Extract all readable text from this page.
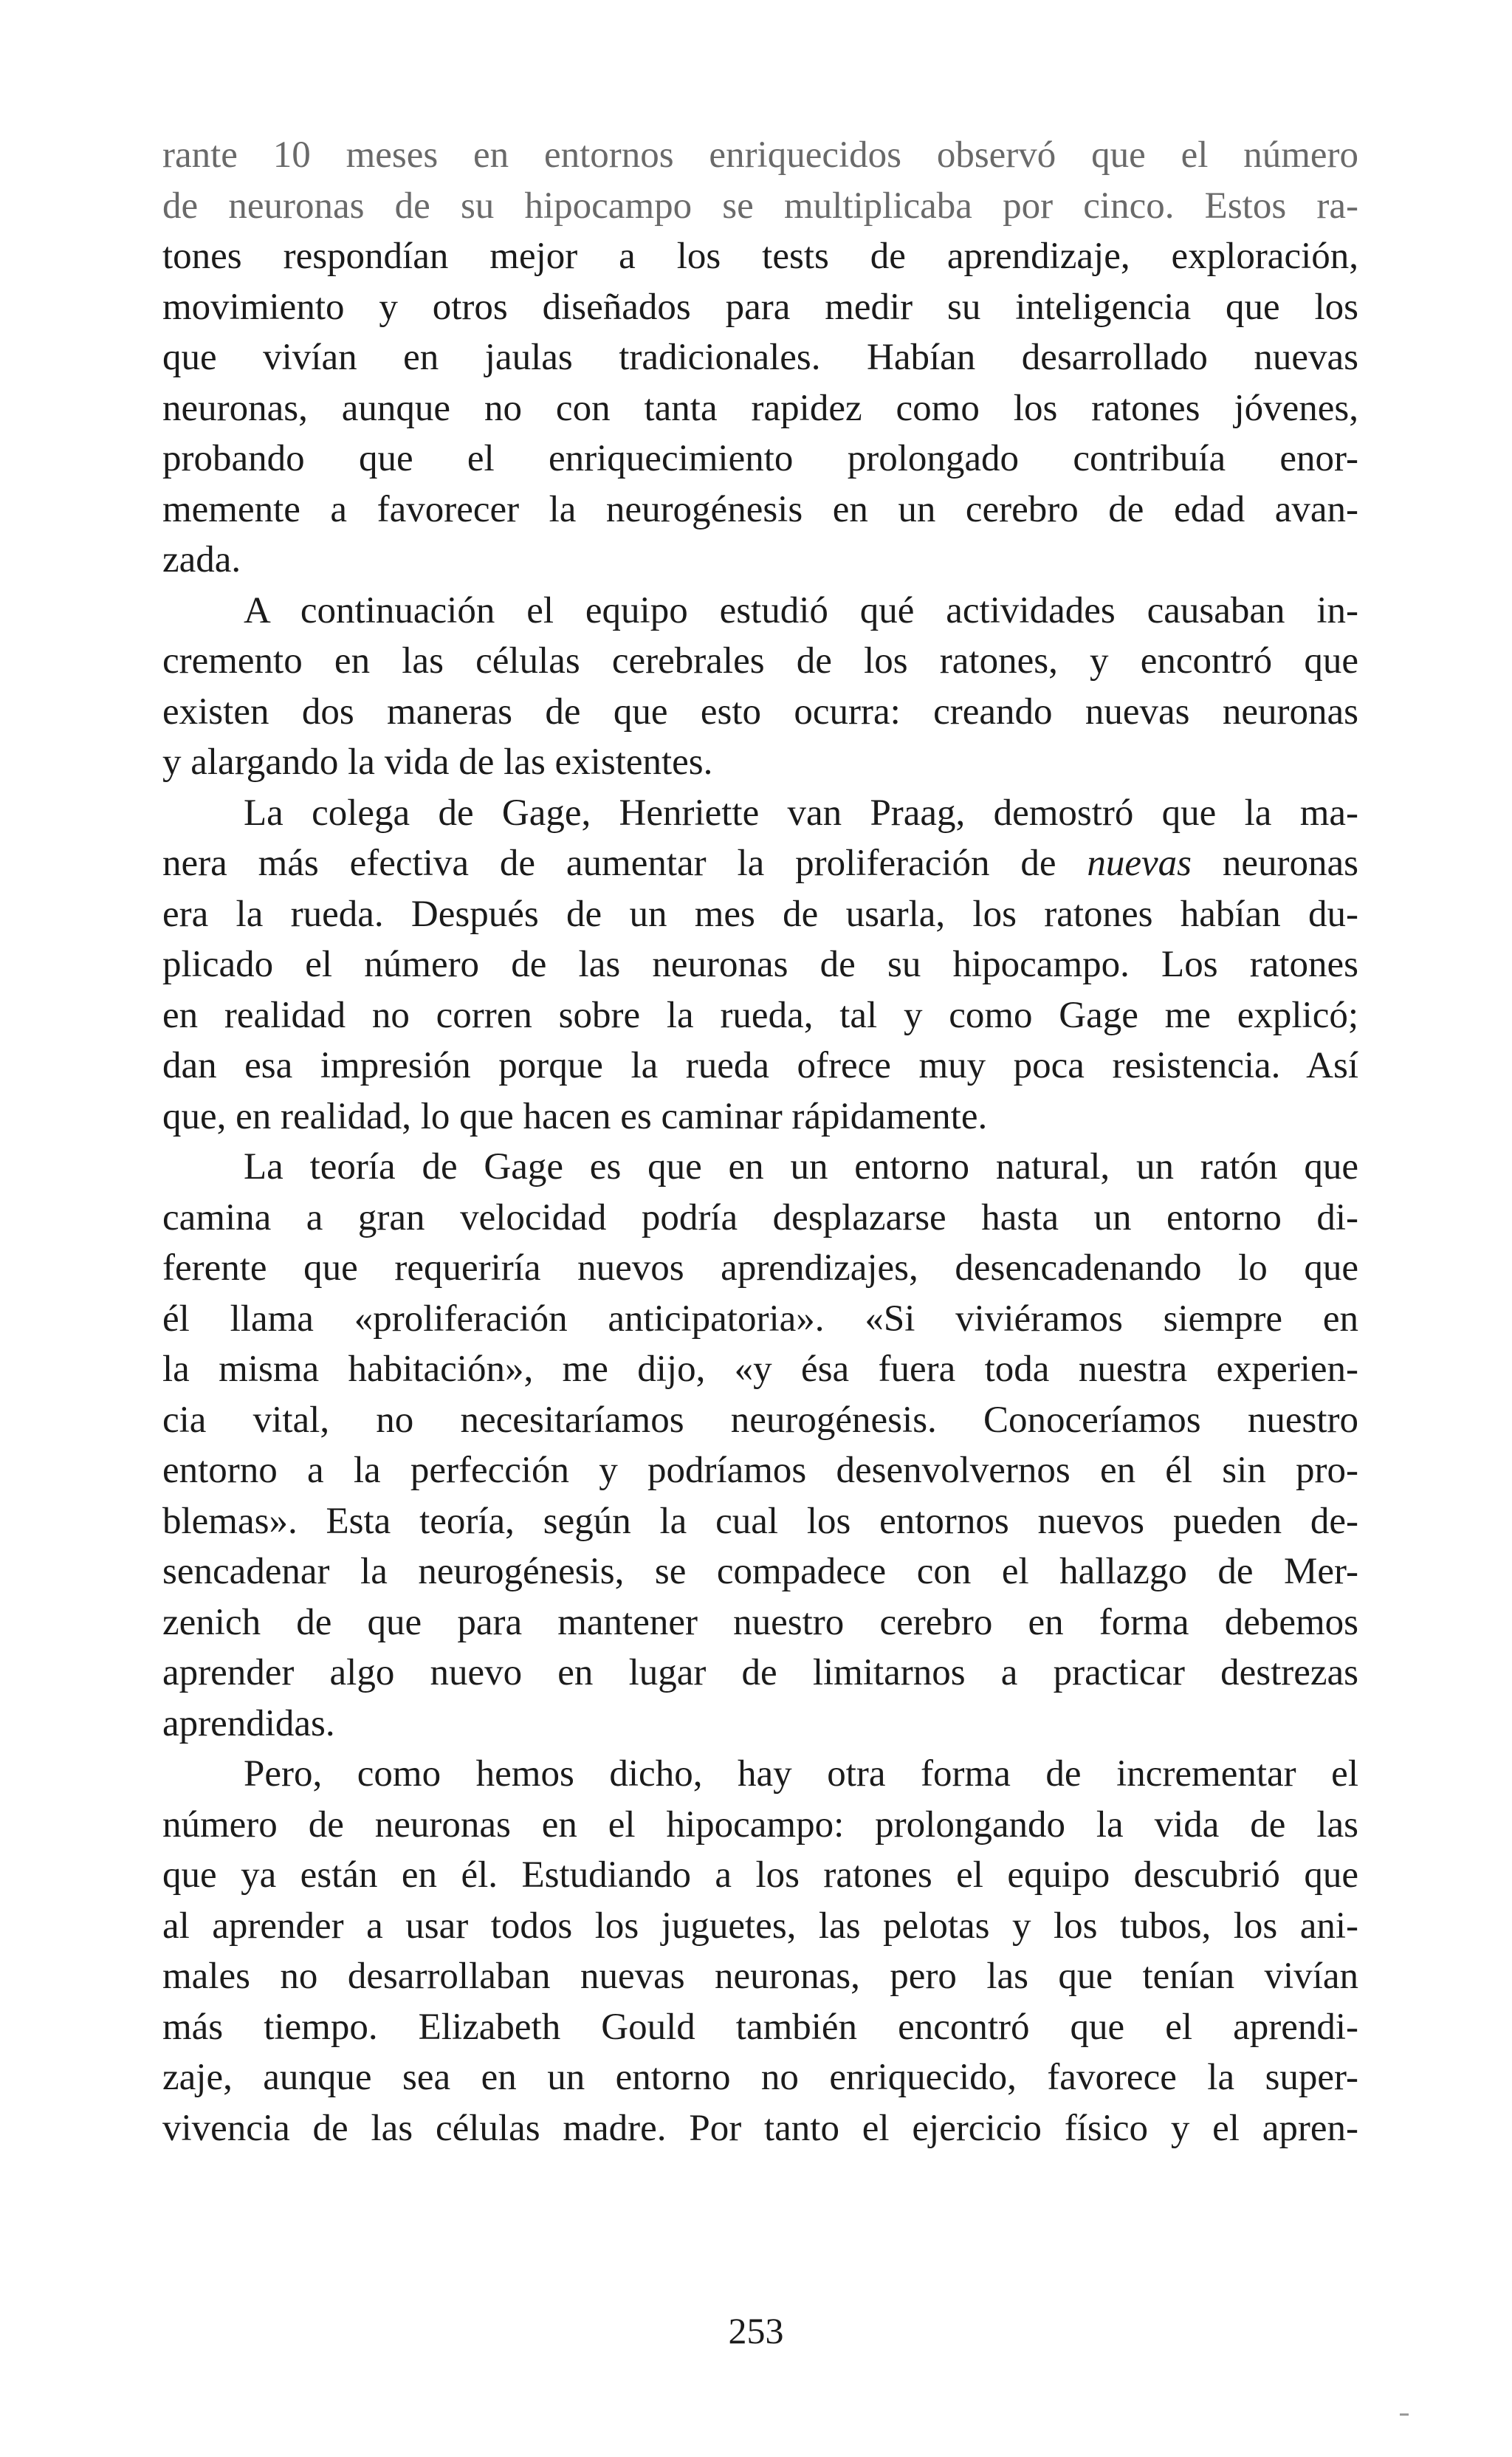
rante 10 meses en entornos enriquecidos observó que el número
de neuronas de su hipocampo se multiplicaba por cinco. Estos ra-
tones respondían mejor a los tests de aprendizaje, exploración,
movimiento y otros diseñados para medir su inteligencia que los
que vivían en jaulas tradicionales. Habían desarrollado nuevas
neuronas, aunque no con tanta rapidez como los ratones jóvenes,
probando que el enriquecimiento prolongado contribuía enor-
memente a favorecer la neurogénesis en un cerebro de edad avan-
zada.
A continuación el equipo estudió qué actividades causaban in-
cremento en las células cerebrales de los ratones, y encontró que
existen dos maneras de que esto ocurra: creando nuevas neuronas
y alargando la vida de las existentes.
La colega de Gage, Henriette van Praag, demostró que la ma-
nera más efectiva de aumentar la proliferación de nuevas neuronas
era la rueda. Después de un mes de usarla, los ratones habían du-
plicado el número de las neuronas de su hipocampo. Los ratones
en realidad no corren sobre la rueda, tal y como Gage me explicó;
dan esa impresión porque la rueda ofrece muy poca resistencia. Así
que, en realidad, lo que hacen es caminar rápidamente.
La teoría de Gage es que en un entorno natural, un ratón que
camina a gran velocidad podría desplazarse hasta un entorno di-
ferente que requeriría nuevos aprendizajes, desencadenando lo que
él llama «proliferación anticipatoria». «Si viviéramos siempre en
la misma habitación», me dijo, «y ésa fuera toda nuestra experien-
cia vital, no necesitaríamos neurogénesis. Conoceríamos nuestro
entorno a la perfección y podríamos desenvolvernos en él sin pro-
blemas». Esta teoría, según la cual los entornos nuevos pueden de-
sencadenar la neurogénesis, se compadece con el hallazgo de Mer-
zenich de que para mantener nuestro cerebro en forma debemos
aprender algo nuevo en lugar de limitarnos a practicar destrezas
aprendidas.
Pero, como hemos dicho, hay otra forma de incrementar el
número de neuronas en el hipocampo: prolongando la vida de las
que ya están en él. Estudiando a los ratones el equipo descubrió que
al aprender a usar todos los juguetes, las pelotas y los tubos, los ani-
males no desarrollaban nuevas neuronas, pero las que tenían vivían
más tiempo. Elizabeth Gould también encontró que el aprendi-
zaje, aunque sea en un entorno no enriquecido, favorece la super-
vivencia de las células madre. Por tanto el ejercicio físico y el apren-
253
